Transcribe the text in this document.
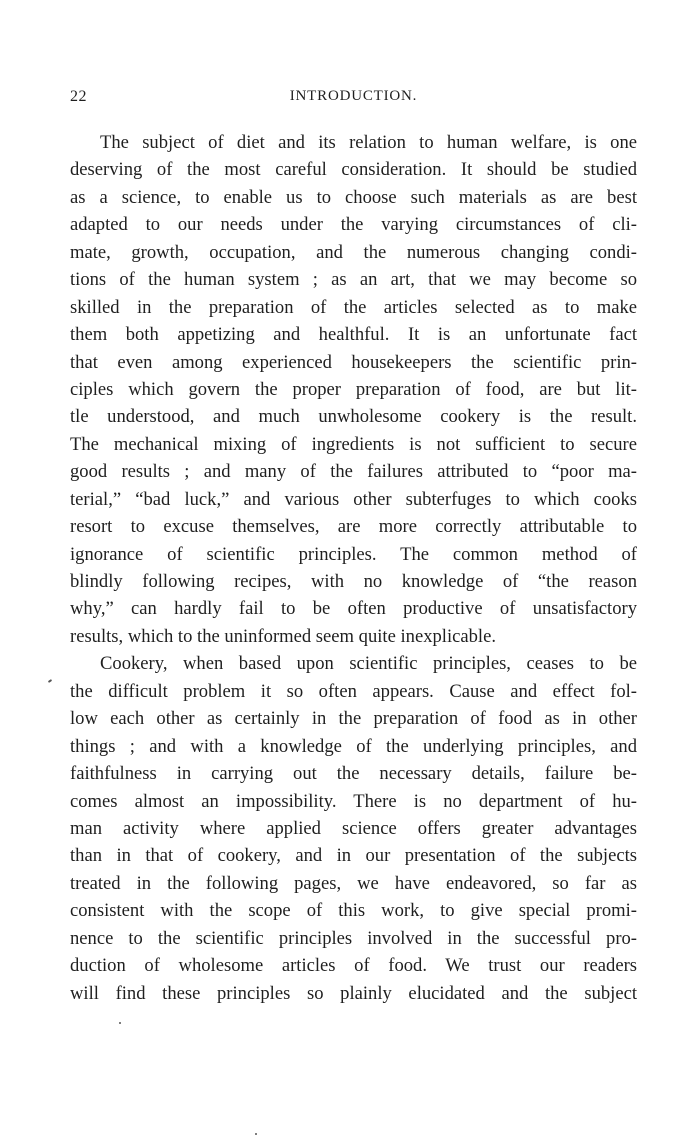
22	INTRODUCTION.
The subject of diet and its relation to human welfare, is one
deserving of the most careful consideration. It should be studied
as a science, to enable us to choose such materials as are best
adapted to our needs under the varying circumstances of cli-
mate, growth, occupation, and the numerous changing condi-
tions of the human system ; as an art, that we may become so
skilled in the preparation of the articles selected as to make
them both appetizing and healthful. It is an unfortunate fact
that even among experienced housekeepers the scientific prin-
ciples which govern the proper preparation of food, are but lit-
tle understood, and much unwholesome cookery is the result.
The mechanical mixing of ingredients is not sufficient to secure
good results ; and many of the failures attributed to “poor ma-
terial,” “bad luck,” and various other subterfuges to which cooks
resort to excuse themselves, are more correctly attributable to
ignorance of scientific principles. The common method of
blindly following recipes, with no knowledge of “the reason
why,” can hardly fail to be often productive of unsatisfactory
results, which to the uninformed seem quite inexplicable.
Cookery, when based upon scientific principles, ceases to be
the difficult problem it so often appears. Cause and effect fol-
low each other as certainly in the preparation of food as in other
things ; and with a knowledge of the underlying principles, and
faithfulness in carrying out the necessary details, failure be-
comes almost an impossibility. There is no department of hu-
man activity where applied science offers greater advantages
than in that of cookery, and in our presentation of the subjects
treated in the following pages, we have endeavored, so far as
consistent with the scope of this work, to give special promi-
nence to the scientific principles involved in the successful pro-
duction of wholesome articles of food. We trust our readers
will find these principles so plainly elucidated and the subject
